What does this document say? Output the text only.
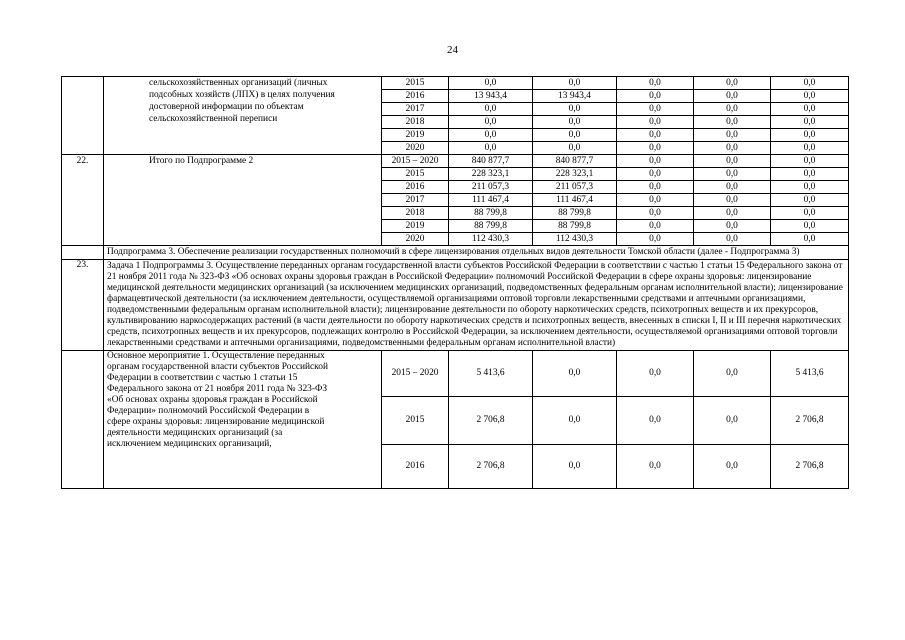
24
	сельскохозяйственных организаций (личных подсобных хозяйств (ЛПХ) в целях получения достоверной информации по объектам сельскохозяйственной переписи	2015	0,0	0,0	0,0	0,0	0,0
		2016	13 943,4	13 943,4	0,0	0,0	0,0
		2017	0,0	0,0	0,0	0,0	0,0
		2018	0,0	0,0	0,0	0,0	0,0
		2019	0,0	0,0	0,0	0,0	0,0
		2020	0,0	0,0	0,0	0,0	0,0
22.	Итого по Подпрограмме 2	2015 – 2020	840 877,7	840 877,7	0,0	0,0	0,0
		2015	228 323,1	228 323,1	0,0	0,0	0,0
		2016	211 057,3	211 057,3	0,0	0,0	0,0
		2017	111 467,4	111 467,4	0,0	0,0	0,0
		2018	88 799,8	88 799,8	0,0	0,0	0,0
		2019	88 799,8	88 799,8	0,0	0,0	0,0
		2020	112 430,3	112 430,3	0,0	0,0	0,0
	Подпрограмма 3. Обеспечение реализации государственных полномочий в сфере лицензирования отдельных видов деятельности Томской области (далее - Подпрограмма 3)						
23.	Задача 1 Подпрограммы 3. Осуществление переданных органам государственной власти субъектов Российской Федерации в соответствии с частью 1 статьи 15 Федерального закона от 21 ноября 2011 года № 323-ФЗ «Об основах охраны здоровья граждан в Российской Федерации» полномочий Российской Федерации в сфере охраны здоровья: лицензирование медицинской деятельности медицинских организаций (за исключением медицинских организаций, подведомственных федеральным органам исполнительной власти); лицензирование фармацевтической деятельности (за исключением деятельности, осуществляемой организациями оптовой торговли лекарственными средствами и аптечными организациями, подведомственными федеральным органам исполнительной власти); лицензирование деятельности по обороту наркотических средств, психотропных веществ и их прекурсоров, культивированию наркосодержащих растений (в части деятельности по обороту наркотических средств и психотропных веществ, внесенных в списки I, II и III перечня наркотических средств, психотропных веществ и их прекурсоров, подлежащих контролю в Российской Федерации, за исключением деятельности, осуществляемой организациями оптовой торговли лекарственными средствами и аптечными организациями, подведомственными федеральным органам исполнительной власти)						
	Основное мероприятие 1. Осуществление переданных органам государственной власти субъектов Российской Федерации в соответствии с частью 1 статьи 15 Федерального закона от 21 ноября 2011 года № 323-ФЗ «Об основах охраны здоровья граждан в Российской Федерации» полномочий Российской Федерации в сфере охраны здоровья: лицензирование медицинской деятельности медицинских организаций (за исключением медицинских организаций,	2015 – 2020	5 413,6	0,0	0,0	0,0	5 413,6
		2015	2 706,8	0,0	0,0	0,0	2 706,8
		2016	2 706,8	0,0	0,0	0,0	2 706,8
